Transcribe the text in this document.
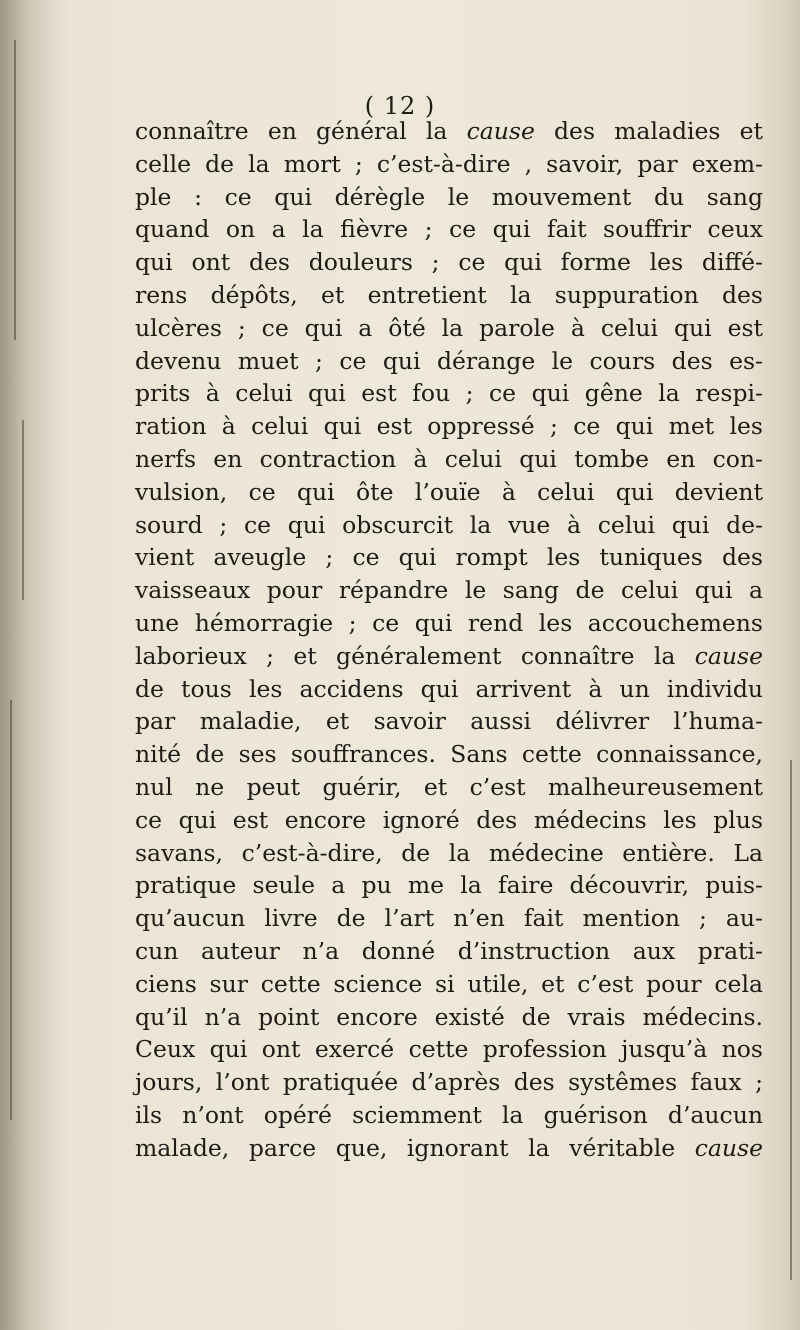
( 12 )
connaître en général la cause des maladies et
celle de la mort ; c’est-à-dire , savoir, par exem-
ple : ce qui dérègle le mouvement du sang
quand on a la fièvre ; ce qui fait souffrir ceux
qui ont des douleurs ; ce qui forme les diffé-
rens dépôts, et entretient la suppuration des
ulcères ; ce qui a ôté la parole à celui qui est
devenu muet ; ce qui dérange le cours des es-
prits à celui qui est fou ; ce qui gêne la respi-
ration à celui qui est oppressé ; ce qui met les
nerfs en contraction à celui qui tombe en con-
vulsion, ce qui ôte l’ouïe à celui qui devient
sourd ; ce qui obscurcit la vue à celui qui de-
vient aveugle ; ce qui rompt les tuniques des
vaisseaux pour répandre le sang de celui qui a
une hémorragie ; ce qui rend les accouchemens
laborieux ; et généralement connaître la cause
de tous les accidens qui arrivent à un individu
par maladie, et savoir aussi délivrer l’huma-
nité de ses souffrances. Sans cette connaissance,
nul ne peut guérir, et c’est malheureusement
ce qui est encore ignoré des médecins les plus
savans, c’est-à-dire, de la médecine entière. La
pratique seule a pu me la faire découvrir, puis-
qu’aucun livre de l’art n’en fait mention ; au-
cun auteur n’a donné d’instruction aux prati-
ciens sur cette science si utile, et c’est pour cela
qu’il n’a point encore existé de vrais médecins.
Ceux qui ont exercé cette profession jusqu’à nos
jours, l’ont pratiquée d’après des systêmes faux ;
ils n’ont opéré sciemment la guérison d’aucun
malade, parce que, ignorant la véritable cause
